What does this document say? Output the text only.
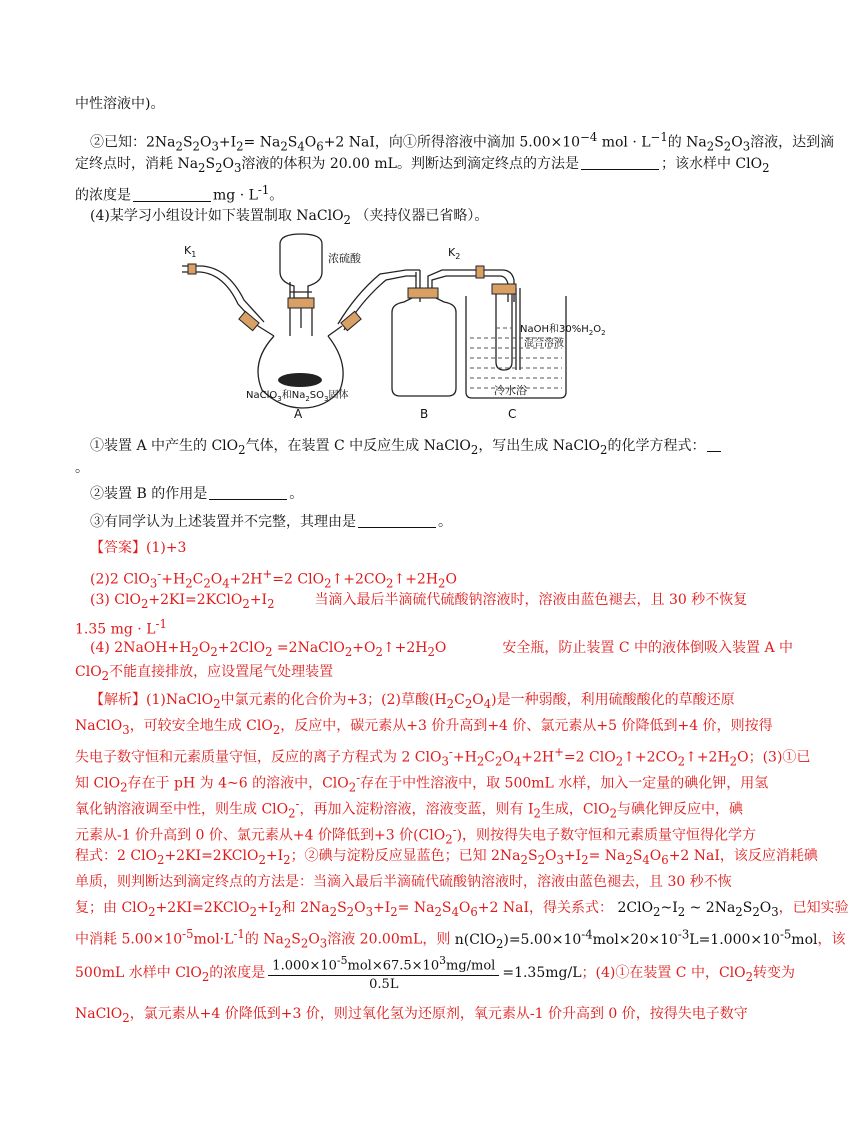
中性溶液中)。
②已知：$2Na_2S_2O_3+I_2= Na_2S_4O_6+2$ NaI，向①所得溶液中滴加 $5.00\times 10^{-4}$ mol · $L^{-1}$的 $Na_2S_2O_3$溶液，达到滴
定终点时，消耗 $Na_2S_2O_3$溶液的体积为 20.00 mL。判断达到滴定终点的方法是	；该水样中 ClO$_2$
的浓度是	mg · $L^{-1}$。
(4)某学习小组设计如下装置制取 NaClO$_2$ （夹持仪器已省略）。
$K_1$	$K_2$
浓硫酸
NaOH和$30\%H_2O_2$
混合溶液
冷水浴
NaClO$_3$和$Na_2SO_3$固体
A	B	C
①装置 A 中产生的 ClO$_2$气体，在装置 C 中反应生成 NaClO$_2$，写出生成 NaClO$_2$的化学方程式：
。
②装置 B 的作用是	。
③有同学认为上述装置并不完整，其理由是	。
【答案】(1)+3
(2)2 $ClO_3^-+H_2C_2O_4+2H^+=2$ $ClO_2↑+2CO_2↑+2H_2O$
(3) $ClO_2+2KI=2KClO_2+I_2$	当滴入最后半滴硫代硫酸钠溶液时，溶液由蓝色褪去，且 30 秒不恢复
1.35 mg · $L^{-1}$
(4) $2NaOH+H_2O_2+2ClO_2$ $=2NaClO_2+O_2↑+2H_2O$	安全瓶，防止装置 C 中的液体倒吸入装置 A 中
ClO$_2$不能直接排放，应设置尾气处理装置
【解析】(1)NaClO$_2$中氯元素的化合价为+3；(2)草酸$(H_2C_2O_4)$是一种弱酸，利用硫酸酸化的草酸还原
NaClO$_3$，可较安全地生成 ClO$_2$，反应中，碳元素从+3 价升高到+4 价、氯元素从+5 价降低到+4 价，则按得
失电子数守恒和元素质量守恒，反应的离子方程式为 2 $ClO_3^-+H_2C_2O_4+2H^+=2$ $ClO_2↑+2CO_2↑+2H_2O$；(3)①已
知 ClO$_2$存在于 pH 为 4~6 的溶液中，ClO$_2$-存在于中性溶液中，取 500mL 水样，加入一定量的碘化钾，用氢
氧化钠溶液调至中性，则生成 ClO$_2$-，再加入淀粉溶液，溶液变蓝，则有 $I_2$生成，ClO$_2$与碘化钾反应中，碘
元素从-1 价升高到 0 价、氯元素从+4 价降低到+3 价(ClO$_2$-)，则按得失电子数守恒和元素质量守恒得化学方
程式：2 $ClO_2+2KI=2KClO_2+I_2$；②碘与淀粉反应显蓝色；已知 $2Na_2S_2O_3+I_2= Na_2S_4O_6+2$ NaI，该反应消耗碘
单质，则判断达到滴定终点的方法是：当滴入最后半滴硫代硫酸钠溶液时，溶液由蓝色褪去，且 30 秒不恢
复；由 $ClO_2+2KI=2KClO_2+I_2$和 $2Na_2S_2O_3+I_2= Na_2S_4O_6+2$ NaI，得关系式： $2ClO_2\sim I_2$ ~ $2Na_2S_2O_3$，已知实验
中消耗 $5.00\times 10^{-5}mol\cdot L^{-1}$的 $Na_2S_2O_3$溶液 20.00mL，则 $n(ClO_2)=5.00\times 10^{-4}mol\times 20\times 10^{-3}L=1.000\times 10^{-5}mol$，该
500mL 水样中 ClO$_2$的浓度是 $\frac{1.000\times 10^{-5}mol\times 67.5\times 10^3mg/mol}{0.5L} =1.35mg/L$；(4)①在装置 C 中，ClO$_2$转变为
NaClO$_2$，氯元素从+4 价降低到+3 价，则过氧化氢为还原剂，氧元素从-1 价升高到 0 价，按得失电子数守
